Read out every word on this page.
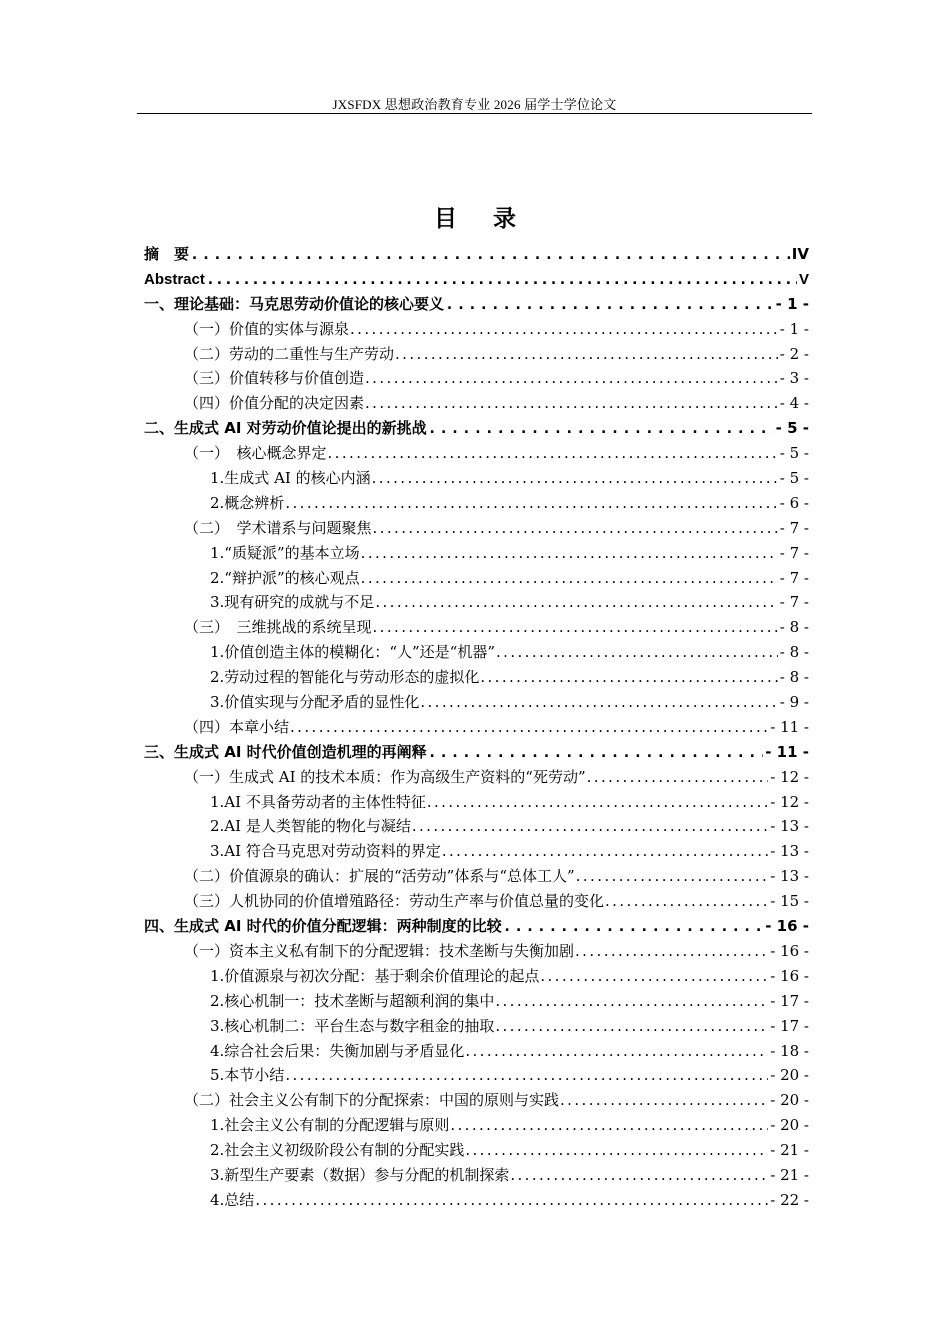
JXSFDX 思想政治教育专业 2026 届学士学位论文
目 录
摘　要 .....	IV
Abstract .....	V
一、理论基础：马克思劳动价值论的核心要义 .....	- 1 -
（一）价值的实体与源泉 .....	- 1 -
（二）劳动的二重性与生产劳动 .....	- 2 -
（三）价值转移与价值创造 .....	- 3 -
（四）价值分配的决定因素 .....	- 4 -
二、生成式 AI 对劳动价值论提出的新挑战 .....	- 5 -
（一）　核心概念界定 .....	- 5 -
1.生成式 AI 的核心内涵 .....	- 5 -
2.概念辨析 .....	- 6 -
（二）　学术谱系与问题聚焦 .....	- 7 -
1.“质疑派”的基本立场 .....	- 7 -
2.“辩护派”的核心观点 .....	- 7 -
3.现有研究的成就与不足 .....	- 7 -
（三）　三维挑战的系统呈现 .....	- 8 -
1.价值创造主体的模糊化：“人”还是“机器” .....	- 8 -
2.劳动过程的智能化与劳动形态的虚拟化 .....	- 8 -
3.价值实现与分配矛盾的显性化 .....	- 9 -
（四）本章小结 .....	- 11 -
三、生成式 AI 时代价值创造机理的再阐释 .....	- 11 -
（一）生成式 AI 的技术本质：作为高级生产资料的“死劳动” .....	- 12 -
1.AI 不具备劳动者的主体性特征 .....	- 12 -
2.AI 是人类智能的物化与凝结 .....	- 13 -
3.AI 符合马克思对劳动资料的界定 .....	- 13 -
（二）价值源泉的确认：扩展的“活劳动”体系与“总体工人” .....	- 13 -
（三）人机协同的价值增殖路径：劳动生产率与价值总量的变化 .....	- 15 -
四、生成式 AI 时代的价值分配逻辑：两种制度的比较 .....	- 16 -
（一）资本主义私有制下的分配逻辑：技术垄断与失衡加剧 .....	- 16 -
1.价值源泉与初次分配：基于剩余价值理论的起点 .....	- 16 -
2.核心机制一：技术垄断与超额利润的集中 .....	- 17 -
3.核心机制二：平台生态与数字租金的抽取 .....	- 17 -
4.综合社会后果：失衡加剧与矛盾显化 .....	- 18 -
5.本节小结 .....	- 20 -
（二）社会主义公有制下的分配探索：中国的原则与实践 .....	- 20 -
1.社会主义公有制的分配逻辑与原则 .....	- 20 -
2.社会主义初级阶段公有制的分配实践 .....	- 21 -
3.新型生产要素（数据）参与分配的机制探索 .....	- 21 -
4.总结 .....	- 22 -
